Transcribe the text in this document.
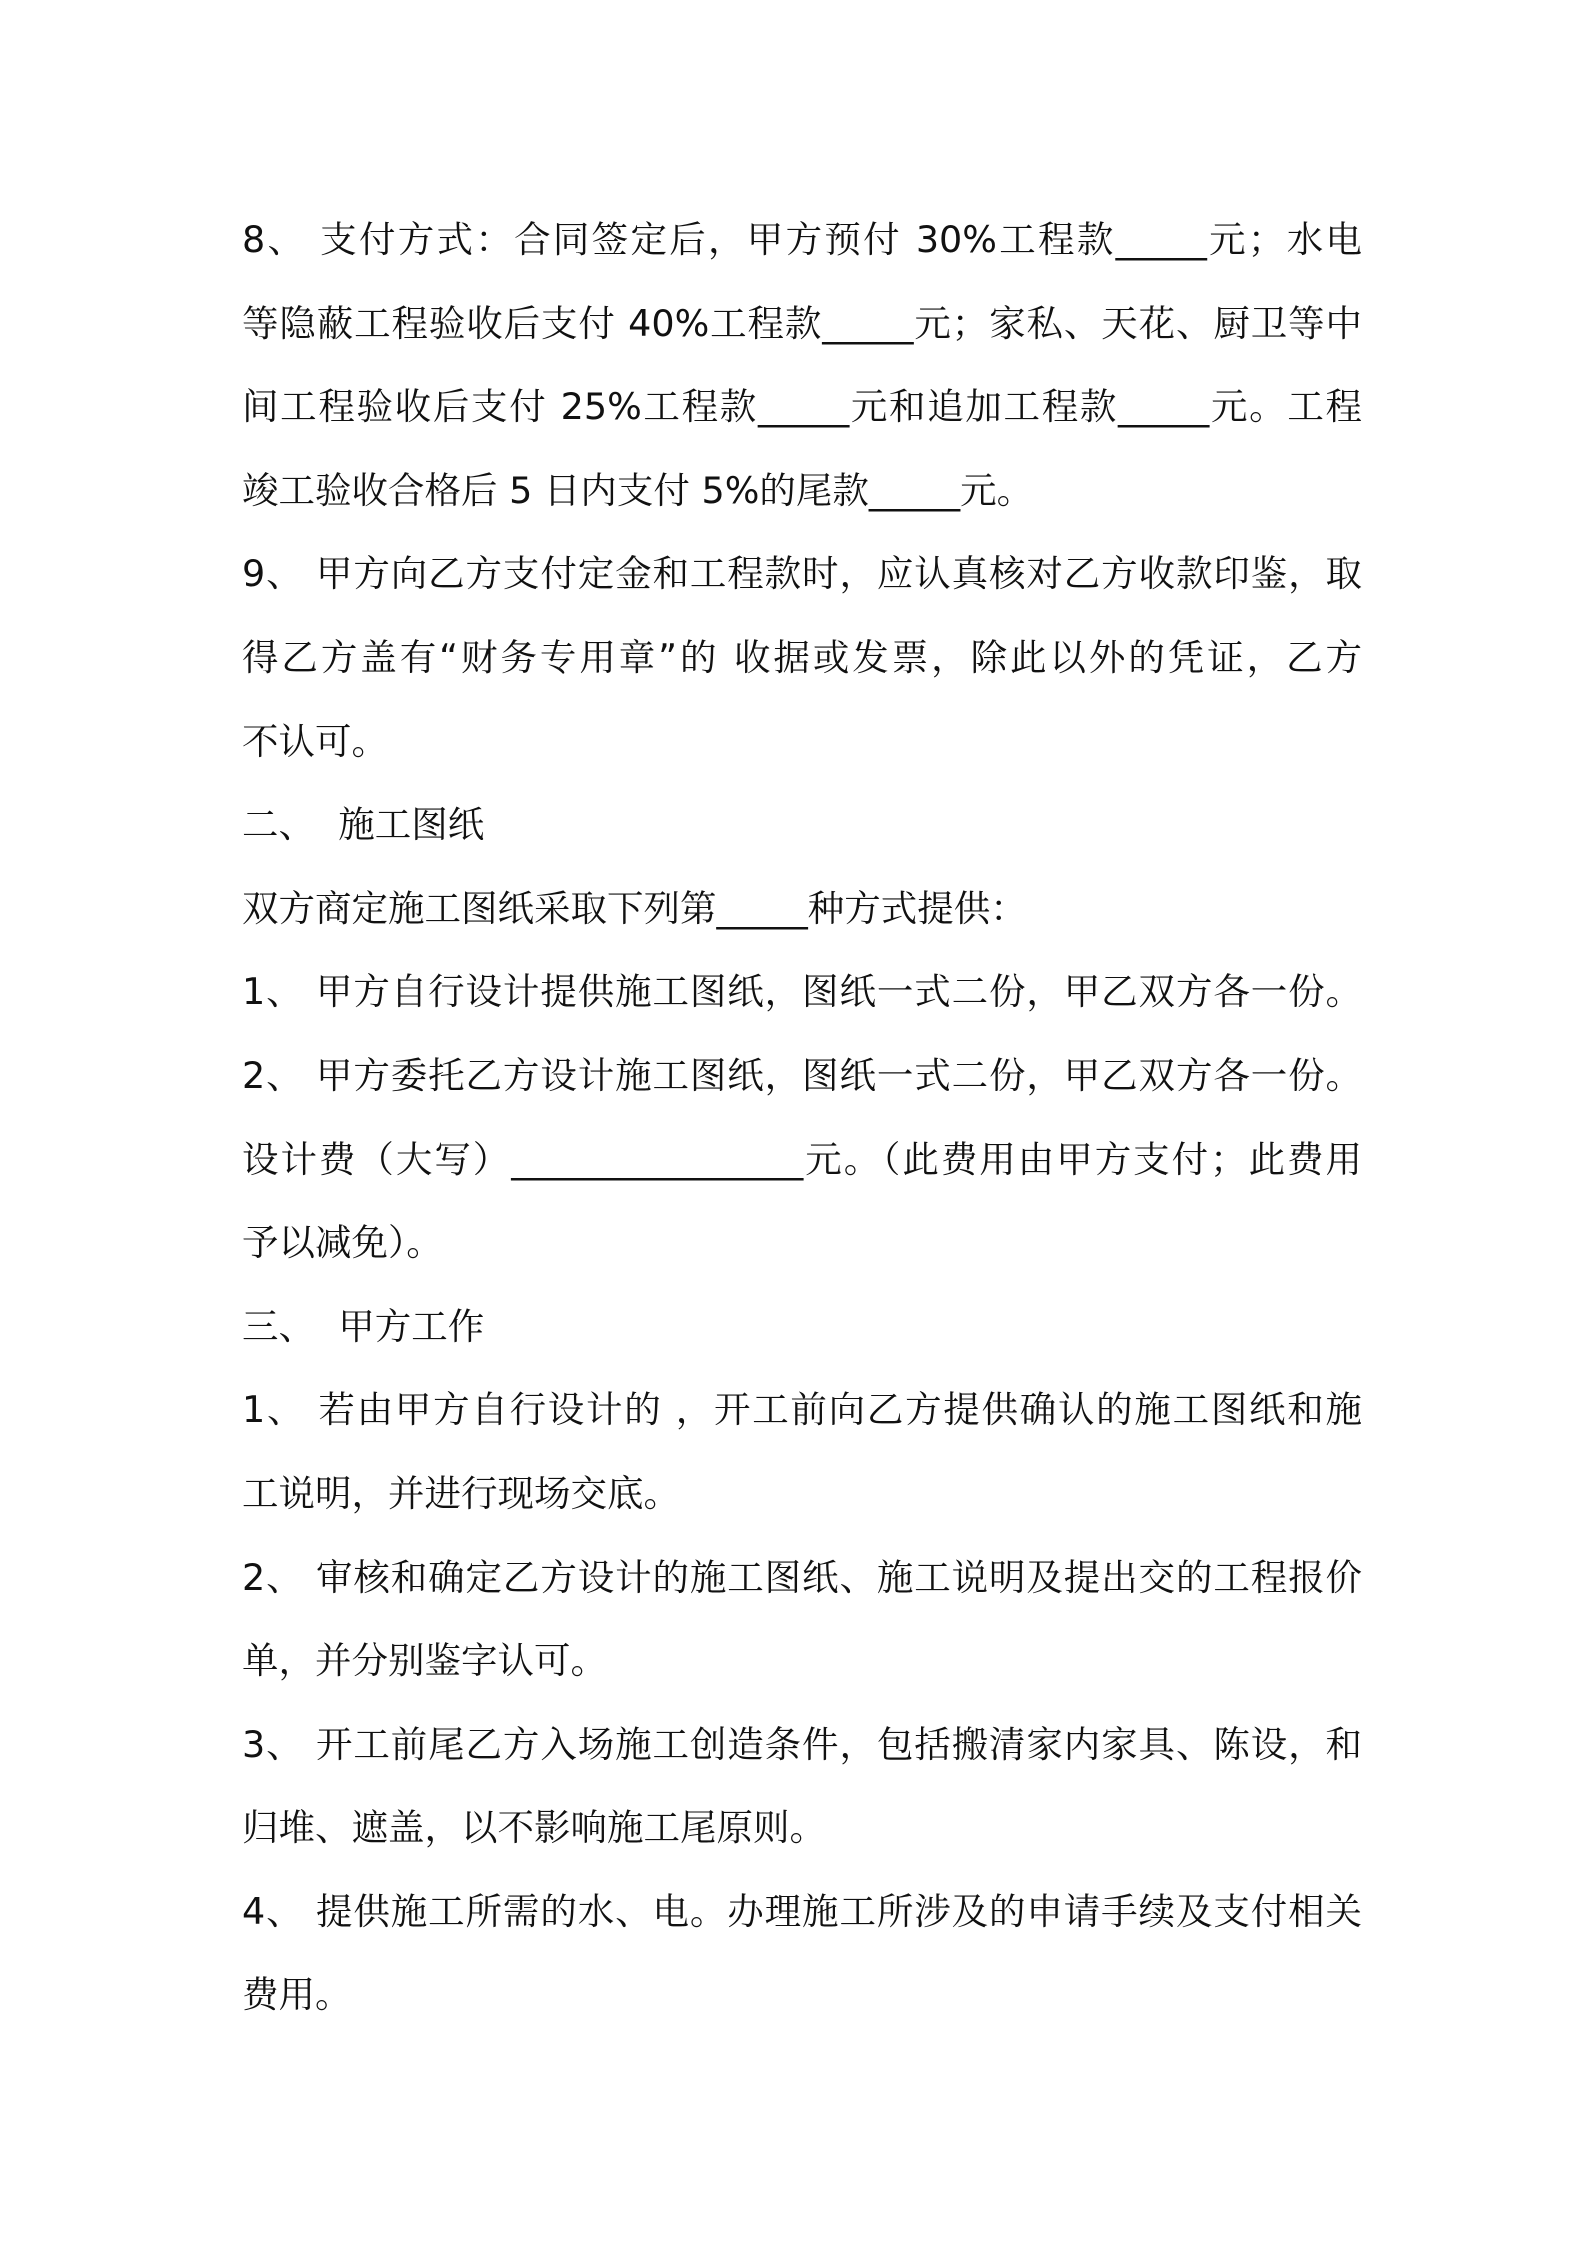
8、 支付方式：合同签定后，甲方预付 30%工程款_____元；水电

等隐蔽工程验收后支付 40%工程款_____元；家私、天花、厨卫等中

间工程验收后支付 25%工程款_____元和追加工程款_____元。工程

竣工验收合格后 5 日内支付 5%的尾款_____元。

9、 甲方向乙方支付定金和工程款时，应认真核对乙方收款印鉴，取

得乙方盖有“财务专用章”的 收据或发票，除此以外的凭证，乙方

不认可。

二、  施工图纸

双方商定施工图纸采取下列第_____种方式提供：

1、 甲方自行设计提供施工图纸，图纸一式二份，甲乙双方各一份。

2、 甲方委托乙方设计施工图纸，图纸一式二份，甲乙双方各一份。

设计费（大写）________________元。（此费用由甲方支付；此费用

予以减免）。

三、  甲方工作

1、 若由甲方自行设计的 ，开工前向乙方提供确认的施工图纸和施

工说明，并进行现场交底。

2、 审核和确定乙方设计的施工图纸、施工说明及提出交的工程报价

单，并分别鉴字认可。

3、 开工前尾乙方入场施工创造条件，包括搬清家内家具、陈设，和

归堆、遮盖，以不影响施工尾原则。

4、 提供施工所需的水、电。办理施工所涉及的申请手续及支付相关

费用。
